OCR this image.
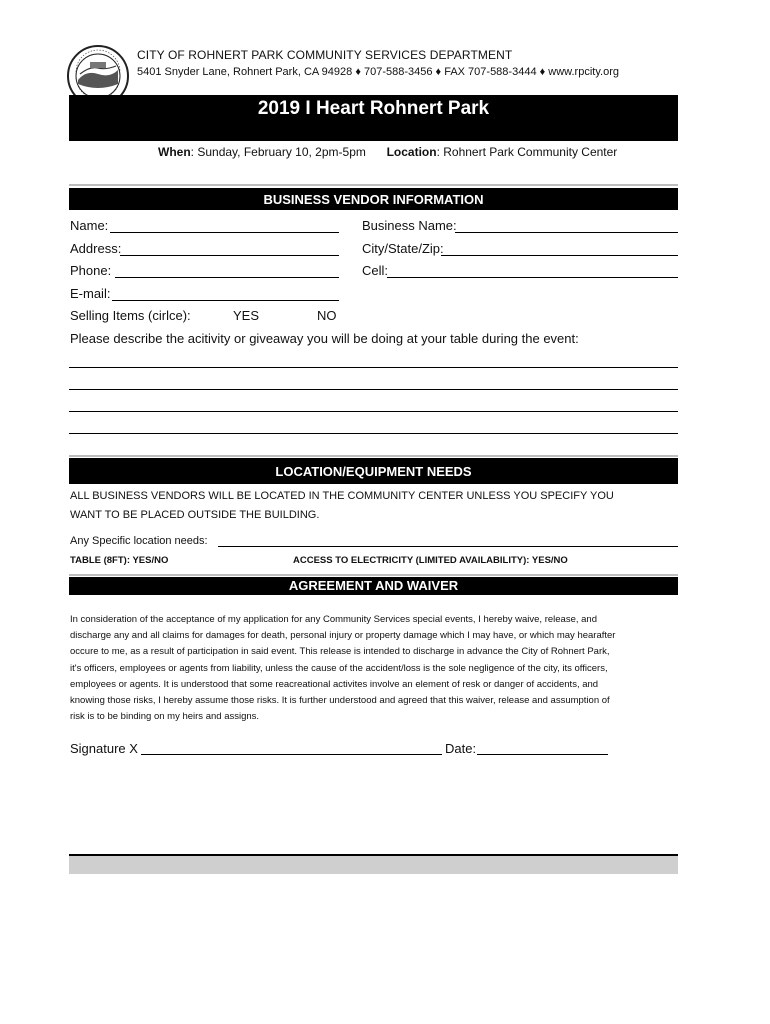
CITY OF ROHNERT PARK COMMUNITY SERVICES DEPARTMENT
5401 Snyder Lane, Rohnert Park, CA 94928 ♦ 707-588-3456 ♦ FAX 707-588-3444 ♦ www.rpcity.org
2019 I Heart Rohnert Park
When: Sunday, February 10, 2pm-5pm Location: Rohnert Park Community Center
BUSINESS VENDOR INFORMATION
Name:	Business Name:
Address:	City/State/Zip:
Phone:	Cell:
E-mail:
Selling Items (cirlce):	YES	NO
Please describe the acitivity or giveaway you will be doing at your table during the event:
LOCATION/EQUIPMENT NEEDS
ALL BUSINESS VENDORS WILL BE LOCATED IN THE COMMUNITY CENTER UNLESS YOU SPECIFY YOU
WANT TO BE PLACED OUTSIDE THE BUILDING.
Any Specific location needs:
TABLE (8FT): YES/NO	ACCESS TO ELECTRICITY (LIMITED AVAILABILITY): YES/NO
AGREEMENT AND WAIVER
In consideration of the acceptance of my application for any Community Services special events, I hereby waive, release, and
discharge any and all claims for damages for death, personal injury or property damage which I may have, or which may hearafter
occure to me, as a result of participation in said event. This release is intended to discharge in advance the City of Rohnert Park,
it's officers, employees or agents from liability, unless the cause of the accident/loss is the sole negligence of the city, its officers,
employees or agents. It is understood that some reacreational activites involve an element of resk or danger of accidents, and
knowing those risks, I hereby assume those risks. It is further understood and agreed that this waiver, release and assumption of
risk is to be binding on my heirs and assigns.
Signature X	Date:
